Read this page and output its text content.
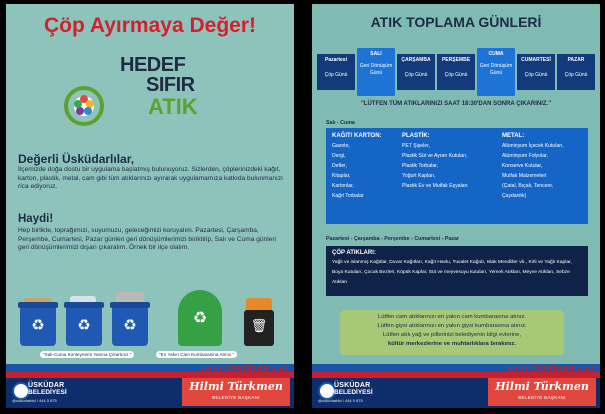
Çöp Ayırmaya Değer!
HEDEF
SIFIR
ATIK
Değerli Üsküdarlılar,
İlçemizde doğa dostu bir uygulama başlatmış bulunuyoruz. Sizlerden, çöplerinizdeki kağıt, karton, plastik, metal, cam gibi tüm atıklarınızı ayırarak uygulamamıza katkıda bulunmanızı rica ediyoruz.
Haydi!
Hep birlikte, toprağımızı, suyumuzu, geleceğimizi koruyalım. Pazartesi, Çarşamba, Perşembe, Cumartesi, Pazar günleri geri dönüşümlerimizi biriktirip, Salı ve Cuma günleri geri dönüşümlerimizi dışarı çıkaralım. Örnek bir ilçe olalım.
♻	♻	♻	♻	🗑
"Salı-Cuma Konteynerin Yanına Çıkartınız."	"En Yakın Cam Kumbarasına Atınız."
ÜSKÜDAR
BELEDİYESİ
@uskudarbld / 444 0 875
iyi ki ÜSKÜDAR var!
Hilmi Türkmen
BELEDİYE BAŞKANI
ATIK TOPLAMA GÜNLERİ
Pazartesi
Çöp Günü
SALI
Geri Dönüşüm Günü
ÇARŞAMBA
Çöp Günü
PERŞEMBE
Çöp Günü
CUMA
Geri Dönüşüm Günü
CUMARTESİ
Çöp Günü
PAZAR
Çöp Günü
"LÜTFEN TÜM ATIKLARINIZI SAAT 18:30'DAN SONRA ÇIKARINIZ."
Salı - Cuma
KAĞIT/ KARTON:
Gazete,
Dergi,
Defter,
Kitaplar,
Kartonlar,
Kağıt Torbalar
PLASTİK:
PET Şişeler,
Plastik Süt ve Ayran Kutuları,
Plastik Torbalar,
Yoğurt Kapları,
Plastik Ev ve Mutfak Eşyaları
METAL:
Alüminyum İçecek Kutuları,
Alüminyum Folyolar,
Konserve Kutular,
Mutfak Malzemeleri
(Çatal, Bıçak, Tencere,
Çaydanlık)
Pazartesi - Çarşamba - Perşembe - Cumartesi - Pazar
ÇÖP ATIKLARI:
Yağlı ve islanmış Kağıtlar, Duvar Kağıtları, Kağıt Havlu, Tuvalet Kağıdı, Islak Mendiller vb., Kirli ve Yağlı Kaplar, Boya Kutuları, Çocuk Bezleri, Köpük Kaplar, Süt ve meyvesuyu kutuları, Yemek Atıkları, Meyve Atıkları, Sebze Atıkları
Lütfen cam atıklarınızı en yakın cam kumbarasına atınız.
Lütfen giysi atıklarınızı en yakın giysi kumbarasına atınız.
Lütfen atık yağ ve pillerinizi belediyenin bilgi evlerine,
kültür merkezlerine ve muhtarlıklara bırakınız.
ÜSKÜDAR
BELEDİYESİ
@uskudarbld / 444 0 875
iyi ki ÜSKÜDAR var!
Hilmi Türkmen
BELEDİYE BAŞKANI
